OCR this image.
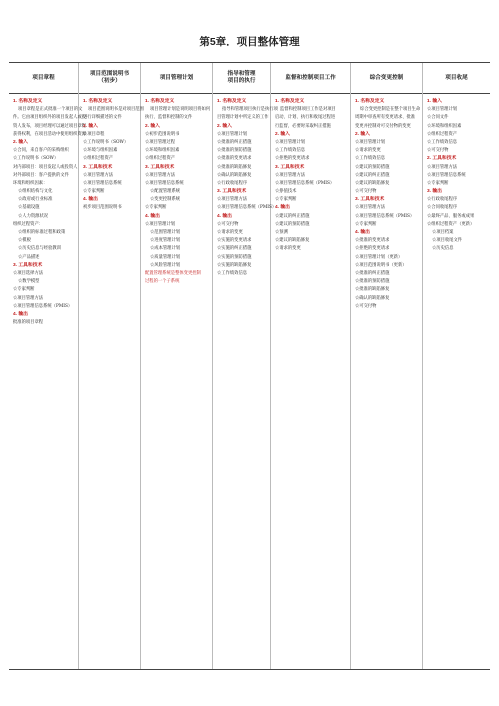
第5章．项目整体管理
项目章程
1. 名称及定义
项目章程是正式批准一个项目的文
件。它由项目组织外的项目发起人或投
资人发布，项目经理可以通过项目章程
获得权利，在项目活动中使用组织资源
2. 输入
☆合同，来自客户的采购组织
☆工作说明书（SOW）
对内部项目：项目发起人或投资人
对外部项目：客户提供的文件
环境和组织因素：
☆组织结构与文化
☆政府或行业标准
☆基础设施
☆人力资源状况
组织过程资产：
☆组织的标准过程和政策
☆模板
☆历史信息与经验教训
☆产品描述
3. 工具和技术
☆项目选择方法
☆数学模型
☆专家判断
☆项目管理方法
☆项目管理信息系统（PMIS）
4. 输出
批准的项目章程
项目范围说明书
（初步）
1. 名称及定义
项目范围说明书是对项目范围
进行详细描述的文件
2. 输入
☆项目章程
☆工作说明书（SOW）
☆环境与组织因素
☆组织过程资产
3. 工具和技术
☆项目管理方法
☆项目管理信息系统
☆专家判断
4. 输出
初步项目范围说明书
项目管理计划
1. 名称及定义
项目管理计划是说明项目将如何
执行、监督和控制的文件
2. 输入
☆初步范围说明书
☆项目管理过程
☆环境和组织因素
☆组织过程资产
3. 工具和技术
☆项目管理方法
☆项目管理信息系统
☆配置管理系统
☆变更控制系统
☆专家判断
4. 输出
☆项目管理计划
☆范围管理计划
☆进度管理计划
☆成本管理计划
☆质量管理计划
☆风险管理计划
配置管理系统是整体变更控制
过程的一个子系统
指导和管理
项目的执行
1. 名称及定义
指导和管理项目执行是执行项
目管理计划中所定义的工作
2. 输入
☆项目管理计划
☆批准的纠正措施
☆批准的预防措施
☆批准的变更请求
☆批准的缺陷修复
☆确认的缺陷修复
☆行政收尾程序
3. 工具和技术
☆项目管理方法
☆项目管理信息系统（PMIS）
4. 输出
☆可交付物
☆请求的变更
☆实施的变更请求
☆实施的纠正措施
☆实施的预防措施
☆实施的缺陷修复
☆工作绩效信息
监督和控制项目工作
1. 名称及定义
监督和控制项目工作是对项目
启动、计划、执行和收尾过程进
行监督，必要时采取纠正措施
2. 输入
☆项目管理计划
☆工作绩效信息
☆拒绝的变更请求
3. 工具和技术
☆项目管理方法
☆项目管理信息系统（PMIS）
☆挣值技术
☆专家判断
4. 输出
☆建议的纠正措施
☆建议的预防措施
☆预测
☆建议的缺陷修复
☆请求的变更
综合变更控制
1. 名称及定义
综合变更控制是在整个项目生命
周期中审查所有变更请求、批准
变更并控制对可交付物的变更
2. 输入
☆项目管理计划
☆请求的变更
☆工作绩效信息
☆建议的预防措施
☆建议的纠正措施
☆建议的缺陷修复
☆可交付物
3. 工具和技术
☆项目管理方法
☆项目管理信息系统（PMIS）
☆专家判断
4. 输出
☆批准的变更请求
☆拒绝的变更请求
☆项目管理计划（更新）
☆项目范围说明书（更新）
☆批准的纠正措施
☆批准的预防措施
☆批准的缺陷修复
☆确认的缺陷修复
☆可交付物
项目收尾
1. 输入
☆项目管理计划
☆合同文件
☆环境和组织因素
☆组织过程资产
☆工作绩效信息
☆可交付物
2. 工具和技术
☆项目管理方法
☆项目管理信息系统
☆专家判断
3. 输出
☆行政收尾程序
☆合同收尾程序
☆最终产品、服务或成果
☆组织过程资产（更新）
☆项目档案
☆项目收尾文件
☆历史信息
